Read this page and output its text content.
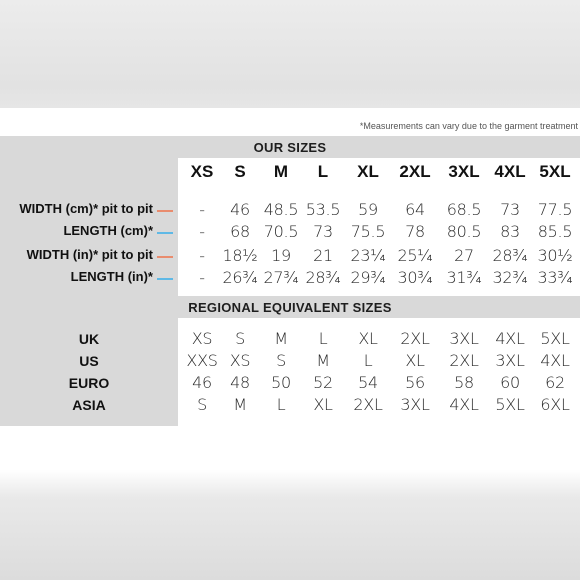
*Measurements can vary due to the garment treatment
OUR SIZES
REGIONAL EQUIVALENT SIZES
XS S M L XL 2XL 3XL 4XL 5XL
WIDTH (cm)* pit to pit	- 46 48.5 53.5 59 64 68.5 73 77.5
LENGTH (cm)*	- 68 70.5 73 75.5 78 80.5 83 85.5
WIDTH (in)* pit to pit	- 18½ 19 21 23¼ 25¼ 27 28¾ 30½
LENGTH (in)*	- 26¾ 27¾ 28¾ 29¾ 30¾ 31¾ 32¾ 33¾
UK	XS S M L XL 2XL 3XL 4XL 5XL
US	XXS XS S M L XL 2XL 3XL 4XL
EURO	46 48 50 52 54 56 58 60 62
ASIA	S M L XL 2XL 3XL 4XL 5XL 6XL
